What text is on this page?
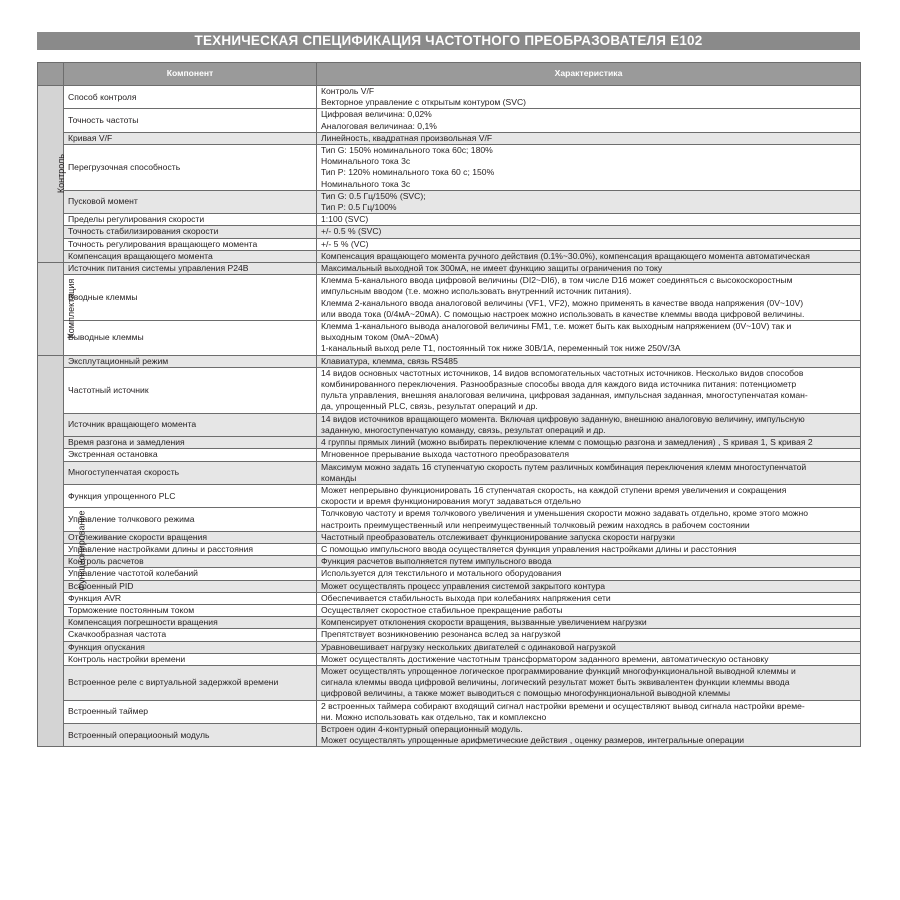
ТЕХНИЧЕСКАЯ СПЕЦИФИКАЦИЯ ЧАСТОТНОГО ПРЕОБРАЗОВАТЕЛЯ E102
	Компонент	Характеристика
Контроль	Способ контроля	Контроль V/F
Векторное управление с открытым контуром (SVC)

	Точность частоты	Цифровая величина: 0,02%
Аналоговая величинаа: 0,1%

	Кривая V/F	Линейность, квадратная произвольная V/F

	Перегрузочная способность	Тип G: 150% номинального тока 60с; 180%
Номинального тока 3с
Тип P: 120% номинального тока 60 с; 150%
Номинального тока 3с

	Пусковой момент	Тип G: 0.5 Гц/150% (SVC);
Тип P: 0.5 Гц/100%

	Пределы регулирования скорости	1:100 (SVC)

	Точность стабилизирования скорости	+/- 0.5 % (SVC)

	Точность регулирования вращающего момента	+/- 5 % (VC)

	Компенсация вращающего момента	Компенсация вращающего момента ручного действия (0.1%~30.0%), компенсация вращающего момента автоматическая

Комплектация	Источник питания системы управления P24B	Максимальный выходной ток 300мА, не имеет функцию защиты ограничения по току

	Вводные клеммы	Клемма 5-канального ввода цифровой величины (DI2~DI6), в том числе D16 может соединяться с высокоскоростным
импульсным вводом (т.е. можно использовать внутренний источник питания).
Клемма 2-канального ввода аналоговой величины (VF1, VF2), можно применять в качестве ввода напряжения (0V~10V)
или ввода тока (0/4мА~20мА). С помощью настроек можно использовать в качестве клеммы ввода цифровой величины.

	Выводные клеммы	Клемма 1-канального вывода аналоговой величины FM1, т.е. может быть как выходным напряжением (0V~10V) так и
выходным током (0мА~20мА)
1-канальный выход реле T1, постоянный ток ниже 30В/1А, переменный ток ниже 250V/3А

Функционирование	Эксплутационный режим	Клавиатура, клемма, связь RS485

	Частотный источник	14 видов основных частотных источников, 14 видов вспомогательных частотных источников. Несколько видов способов
комбинированного переключения. Разнообразные способы ввода для каждого вида источника питания: потенциометр
пульта управления, внешняя аналоговая величина, цифровая заданная, импульсная заданная, многоступенчатая коман-
да, упрощенный PLC, связь, результат операций и др.

	Источник вращающего момента	14 видов источников вращающего момента. Включая цифровую заданную, внешнюю аналоговую величину, импульсную
заданную, многоступенчатую команду, связь, результат операций и др.

	Время разгона и замедления	4 группы прямых линий (можно выбирать переключение клемм с помощью разгона и замедления) , S кривая 1, S кривая 2

	Экстренная остановка	Мгновенное прерывание выхода частотного преобразователя

	Многоступенчатая скорость	Максимум можно задать 16 ступенчатую скорость путем различных комбинация переключения клемм многоступенчатой
команды

	Функция упрощенного PLC	Может непрерывно функционировать 16 ступенчатая скорость, на каждой ступени время увеличения и сокращения
скорости и время функционирования могут задаваться отдельно

	Управление толчкового режима	Толчковую частоту и время толчкового увеличения и уменьшения скорости можно задавать отдельно, кроме этого можно
настроить преимущественный или непреимущественный толчковый режим находясь в рабочем состоянии

	Отслеживание скорости вращения	Частотный преобразователь отслеживает функционирование запуска скорости нагрузки

	Управление настройками длины и расстояния	С помощью импульсного ввода осуществляется функция управления настройками длины и расстояния

	Контроль расчетов	Функция расчетов выполняется путем импульсного ввода

	Управление частотой колебаний	Используется для текстильного и мотального оборудования

	Встроенный PID	Может осуществлять процесс управления системой закрытого контура

	Функция AVR	Обеспечивается стабильность выхода при колебаниях напряжения сети

	Торможение постоянным током	Осуществляет скоростное стабильное прекращение работы

	Компенсация погрешности вращения	Компенсирует отклонения скорости вращения, вызванные увеличением нагрузки

	Скачкообразная частота	Препятствует возникновению резонанса вслед за нагрузкой

	Функция опускания	Уравновешивает нагрузку нескольких двигателей с одинаковой нагрузкой

	Контроль настройки времени	Может осуществлять достижение частотным трансформатором заданного времени, автоматическую остановку

	Встроенное реле с виртуальной задержкой времени	Может осуществлять упрощенное логическое программирование функций многофункциональной выводной клеммы и
сигнала клеммы ввода цифровой величины, логический результат может быть эквивалентен функции клеммы ввода
цифровой величины, а также может выводиться с помощью многофункциональной выводной клеммы

	Встроенный таймер	2 встроенных таймера собирают входящий сигнал настройки времени и осуществляют вывод сигнала настройки време-
ни. Можно использовать как отдельно, так и комплексно

	Встроенный операциооный модуль	Встроен один 4-контурный операционный модуль.
Может осуществлять упрощенные арифметические действия , оценку размеров, интегральные операции
